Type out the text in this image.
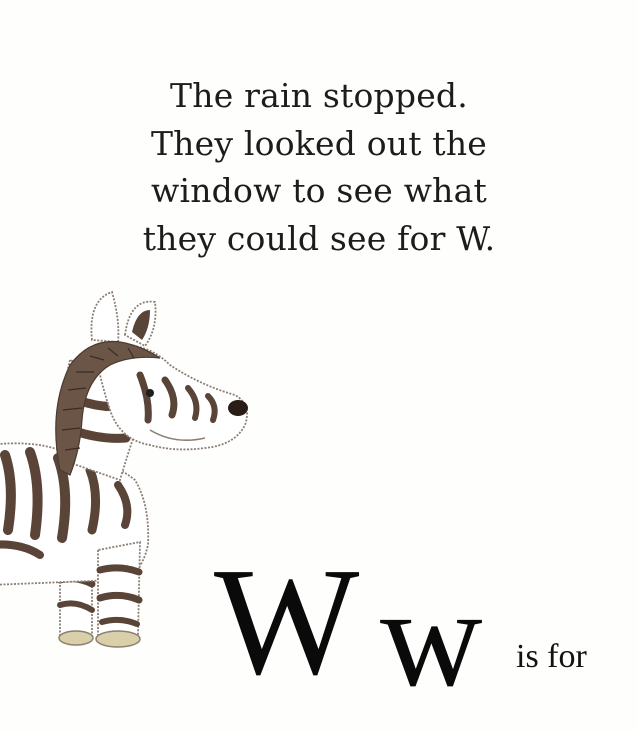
The rain stopped.
They looked out the
window to see what
they could see for W.
W w is for
